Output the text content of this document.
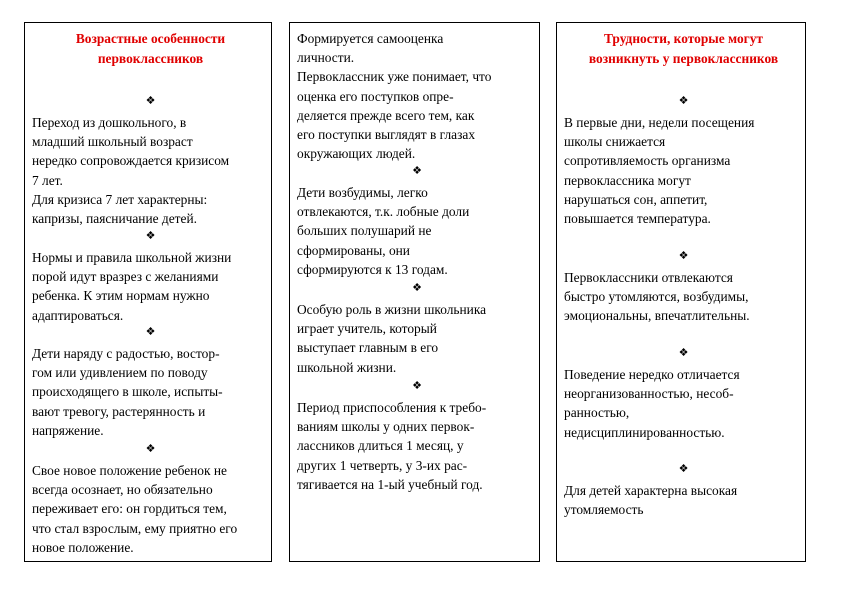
Возрастные особенности
первоклассников
❖
Переход из дошкольного, в
младший школьный возраст
нередко сопровождается кризисом
7 лет.
Для кризиса 7 лет характерны:
капризы, паясничание детей.
❖
Нормы и правила школьной жизни
порой идут вразрез с желаниями
ребенка. К этим нормам нужно
адаптироваться.
❖
Дети наряду с радостью, востор-
гом или удивлением по поводу
происходящего в школе, испыты-
вают тревогу, растерянность и
напряжение.
❖
Свое новое положение ребенок не
всегда осознает, но обязательно
переживает его: он гордиться тем,
что стал взрослым, ему приятно его
новое положение.
Формируется самооценка
личности.
Первоклассник уже понимает, что
оценка его поступков опре-
деляется прежде всего тем, как
его поступки выглядят в глазах
окружающих людей.
❖
Дети возбудимы, легко
отвлекаются, т.к. лобные доли
больших полушарий не
сформированы, они
сформируются к 13 годам.
❖
Особую роль в жизни школьника
играет учитель, который
выступает главным в его
школьной жизни.
❖
Период приспособления к требо-
ваниям школы у одних первок-
лассников длиться 1 месяц, у
других 1 четверть, у 3-их рас-
тягивается на 1-ый учебный год.
Трудности, которые могут
возникнуть у первоклассников
❖
В первые дни, недели посещения
школы снижается
сопротивляемость организма
первоклассника могут
нарушаться сон, аппетит,
повышается температура.
❖
Первоклассники отвлекаются
быстро утомляются, возбудимы,
эмоциональны, впечатлительны.
❖
Поведение нередко отличается
неорганизованностью, несоб-
ранностью,
недисциплинированностью.
❖
Для детей характерна высокая
утомляемость
